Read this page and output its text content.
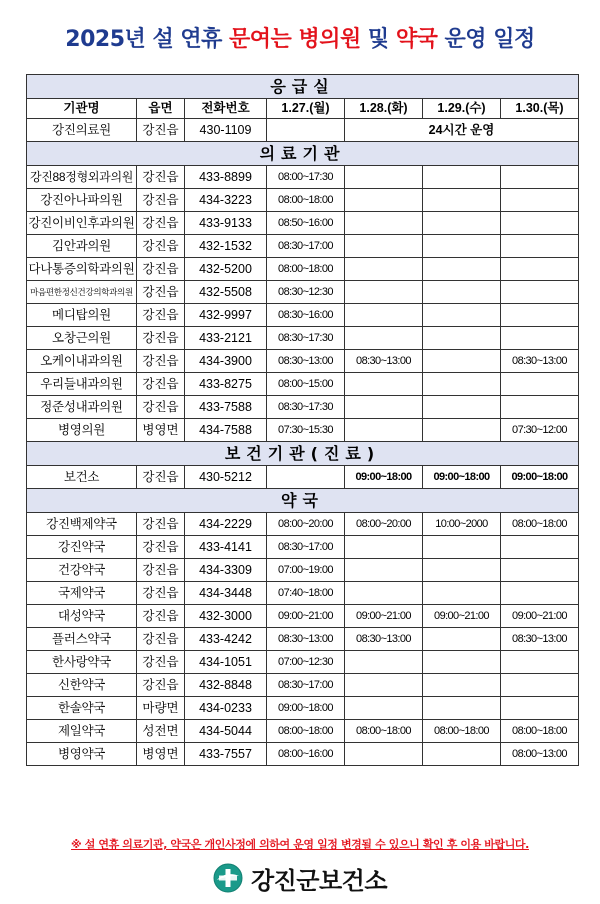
2025년 설 연휴 문여는 병의원 및 약국 운영 일정
응급실						
기관명	읍면	전화번호	1.27.(월)	1.28.(화)	1.29.(수)	1.30.(목)
강진의료원	강진읍	430-1109		24시간 운영		
의료기관						
강진88정형외과의원	강진읍	433-8899	08:00~17:30			
강진아나파의원	강진읍	434-3223	08:00~18:00			
강진이비인후과의원	강진읍	433-9133	08:50~16:00			
김안과의원	강진읍	432-1532	08:30~17:00			
다나통증의학과의원	강진읍	432-5200	08:00~18:00			
마음편한정신건강의학과의원	강진읍	432-5508	08:30~12:30			
메디탑의원	강진읍	432-9997	08:30~16:00			
오창근의원	강진읍	433-2121	08:30~17:30			
오케이내과의원	강진읍	434-3900	08:30~13:00	08:30~13:00		08:30~13:00
우리들내과의원	강진읍	433-8275	08:00~15:00			
정준성내과의원	강진읍	433-7588	08:30~17:30			
병영의원	병영면	434-7588	07:30~15:30			07:30~12:00
보건기관(진료)						
보건소	강진읍	430-5212		09:00~18:00	09:00~18:00	09:00~18:00
약국						
강진백제약국	강진읍	434-2229	08:00~20:00	08:00~20:00	10:00~2000	08:00~18:00
강진약국	강진읍	433-4141	08:30~17:00			
건강약국	강진읍	434-3309	07:00~19:00			
국제약국	강진읍	434-3448	07:40~18:00			
대성약국	강진읍	432-3000	09:00~21:00	09:00~21:00	09:00~21:00	09:00~21:00
플러스약국	강진읍	433-4242	08:30~13:00	08:30~13:00		08:30~13:00
한사랑약국	강진읍	434-1051	07:00~12:30			
신한약국	강진읍	432-8848	08:30~17:00			
한솔약국	마량면	434-0233	09:00~18:00			
제일약국	성전면	434-5044	08:00~18:00	08:00~18:00	08:00~18:00	08:00~18:00
병영약국	병영면	433-7557	08:00~16:00			08:00~13:00
※ 설 연휴 의료기관, 약국은 개인사정에 의하여 운영 일정 변경될 수 있으니 확인 후 이용 바랍니다.
강진군보건소
